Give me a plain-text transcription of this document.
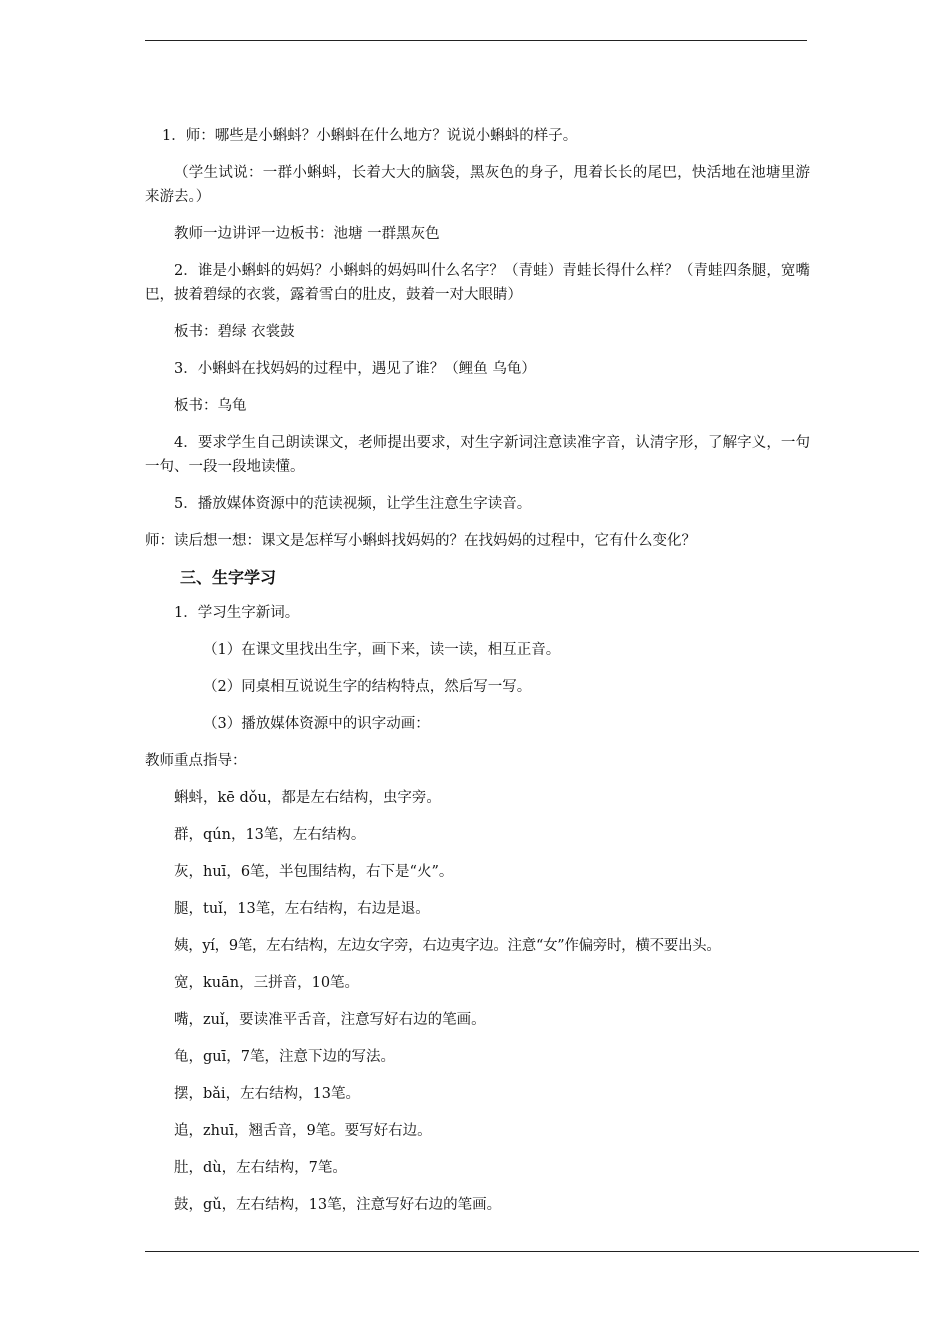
1．师：哪些是小蝌蚪？小蝌蚪在什么地方？说说小蝌蚪的样子。

（学生试说：一群小蝌蚪，长着大大的脑袋，黑灰色的身子，甩着长长的尾巴，快活地在池塘里游来游去。）

教师一边讲评一边板书：池塘 一群黑灰色

2．谁是小蝌蚪的妈妈？小蝌蚪的妈妈叫什么名字？（青蛙）青蛙长得什么样？（青蛙四条腿，宽嘴巴，披着碧绿的衣裳，露着雪白的肚皮，鼓着一对大眼睛）

板书：碧绿 衣裳鼓

3．小蝌蚪在找妈妈的过程中，遇见了谁？（鲤鱼 乌龟）

板书：乌龟

4．要求学生自己朗读课文，老师提出要求，对生字新词注意读准字音，认清字形，了解字义，一句一句、一段一段地读懂。

5．播放媒体资源中的范读视频，让学生注意生字读音。

师：读后想一想：课文是怎样写小蝌蚪找妈妈的？在找妈妈的过程中，它有什么变化？

三、生字学习

1．学习生字新词。

（1）在课文里找出生字，画下来，读一读，相互正音。

（2）同桌相互说说生字的结构特点，然后写一写。

（3）播放媒体资源中的识字动画：

教师重点指导：

蝌蚪，kē dǒu，都是左右结构，虫字旁。

群，qún，13笔，左右结构。

灰，huī，6笔，半包围结构，右下是“火”。

腿，tuǐ，13笔，左右结构，右边是退。

姨，yí，9笔，左右结构，左边女字旁，右边夷字边。注意“女”作偏旁时，横不要出头。

宽，kuān，三拼音，10笔。

嘴，zuǐ，要读准平舌音，注意写好右边的笔画。

龟，guī，7笔，注意下边的写法。

摆，bǎi，左右结构，13笔。

追，zhuī，翘舌音，9笔。要写好右边。

肚，dù，左右结构，7笔。

鼓，gǔ，左右结构，13笔，注意写好右边的笔画。
